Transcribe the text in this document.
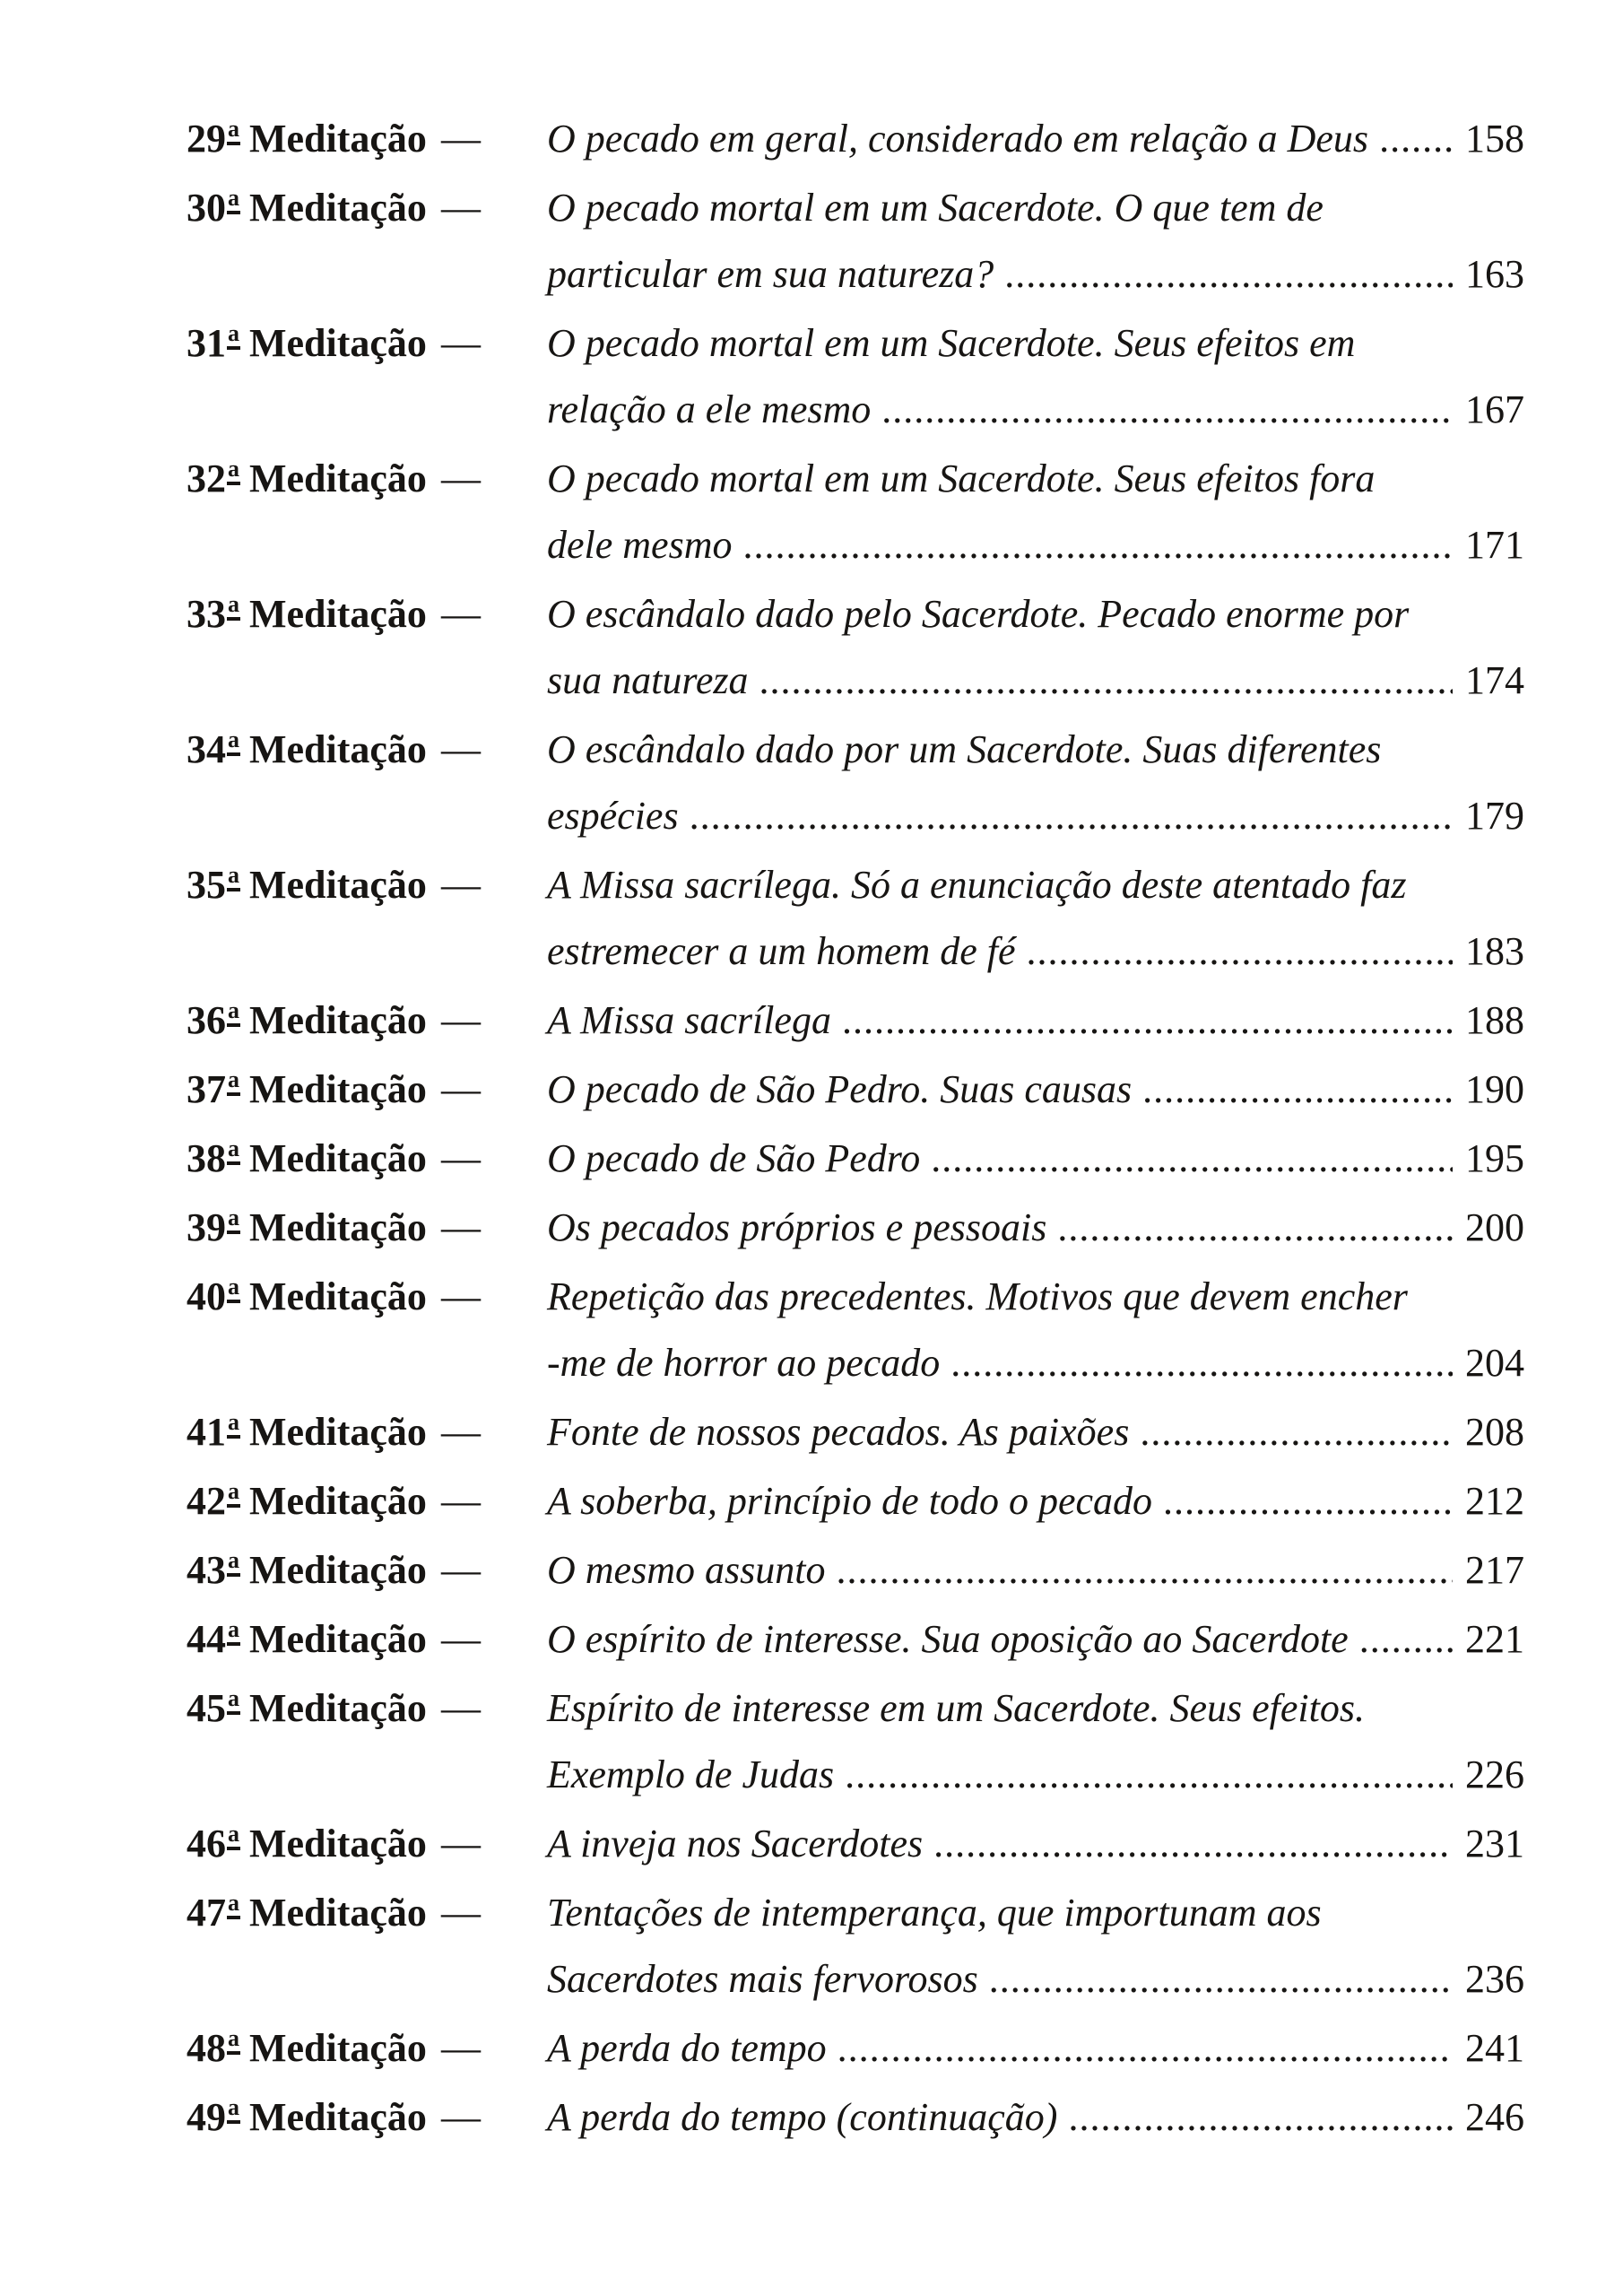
29a Meditação —	O pecado em geral, considerado em relação a Deus ..... 158
30a Meditação —	O pecado mortal em um Sacerdote. O que tem de
particular em sua natureza? .....	163
31a Meditação —	O pecado mortal em um Sacerdote. Seus efeitos em
relação a ele mesmo .....	167
32a Meditação —	O pecado mortal em um Sacerdote. Seus efeitos fora
dele mesmo .....	171
33a Meditação —	O escândalo dado pelo Sacerdote. Pecado enorme por
sua natureza .....	174
34a Meditação —	O escândalo dado por um Sacerdote. Suas diferentes
espécies .....	179
35a Meditação —	A Missa sacrílega. Só a enunciação deste atentado faz
estremecer a um homem de fé .....	183
36a Meditação —	A Missa sacrílega .....	188
37a Meditação —	O pecado de São Pedro. Suas causas .....	190
38a Meditação —	O pecado de São Pedro .....	195
39a Meditação —	Os pecados próprios e pessoais .....	200
40a Meditação —	Repetição das precedentes. Motivos que devem encher
-me de horror ao pecado .....	204
41a Meditação —	Fonte de nossos pecados. As paixões .....	208
42a Meditação —	A soberba, princípio de todo o pecado .....	212
43a Meditação —	O mesmo assunto .....	217
44a Meditação —	O espírito de interesse. Sua oposição ao Sacerdote .....	221
45a Meditação —	Espírito de interesse em um Sacerdote. Seus efeitos.
Exemplo de Judas .....	226
46a Meditação —	A inveja nos Sacerdotes .....	231
47a Meditação —	Tentações de intemperança, que importunam aos
Sacerdotes mais fervorosos .....	236
48a Meditação —	A perda do tempo .....	241
49a Meditação —	A perda do tempo (continuação) .....	246
